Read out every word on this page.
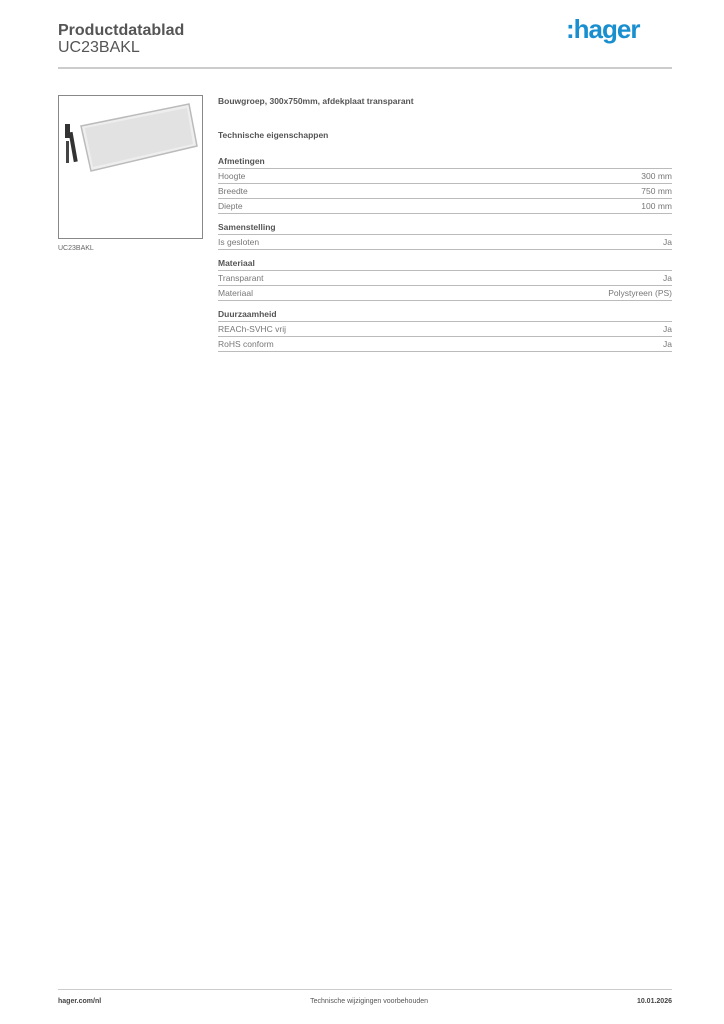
Productdatablad
UC23BAKL
:hager
UC23BAKL
Bouwgroep, 300x750mm, afdekplaat transparant
Technische eigenschappen
Afmetingen
Hoogte	300 mm
Breedte	750 mm
Diepte	100 mm
Samenstelling
Is gesloten	Ja
Materiaal
Transparant	Ja
Materiaal	Polystyreen (PS)
Duurzaamheid
REACh-SVHC vrij	Ja
RoHS conform	Ja
hager.com/nl	Technische wijzigingen voorbehouden	10.01.2026
